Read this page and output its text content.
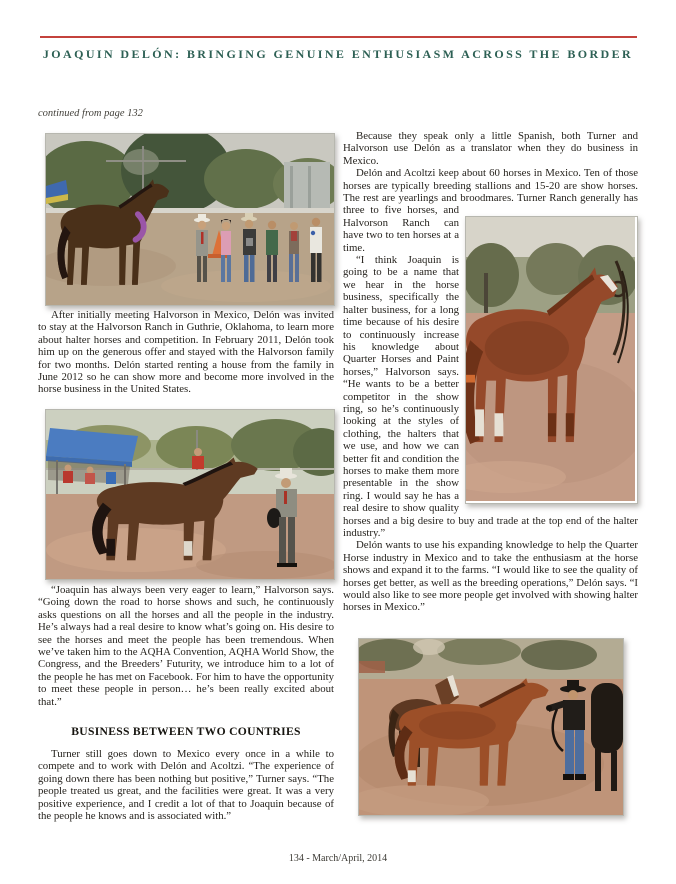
JOAQUIN DELÓN: BRINGING GENUINE ENTHUSIASM ACROSS THE BORDER
continued from page 132

After initially meeting Halvorson in Mexico, Delón was invited to stay at the Halvorson Ranch in Guthrie, Oklahoma, to learn more about halter horses and competition. In February 2011, Delón took him up on the generous offer and stayed with the Halvorson family for two months. Delón started renting a house from the family in June 2012 so he can show more and become more involved in the horse business in the United States.

“Joaquin has always been very eager to learn,” Halvorson says. “Going down the road to horse shows and such, he continuously asks questions on all the horses and all the people in the industry. He’s always had a real desire to know what’s going on. His desire to see the horses and meet the people has been tremendous. When we’ve taken him to the AQHA Convention, AQHA World Show, the Congress, and the Breeders’ Futurity, we introduce him to a lot of the people he has met on Facebook. For him to have the opportunity to meet these people in person… he’s been really excited about that.”

BUSINESS BETWEEN TWO COUNTRIES

Turner still goes down to Mexico every once in a while to compete and to work with Delón and Acoltzi. “The experience of going down there has been nothing but positive,” Turner says. “The people treated us great, and the facilities were great. It was a very positive experience, and I credit a lot of that to Joaquin because of the people he knows and is associated with.”

Because they speak only a little Spanish, both Turner and Halvorson use Delón as a translator when they do business in Mexico.

Delón and Acoltzi keep about 60 horses in Mexico. Ten of those horses are typically breeding stallions and 15-20 are show horses. The rest are yearlings and broodmares. Turner Ranch generally has
three to five horses, and Halvorson Ranch can have two to ten horses at a time.

“I think Joaquin is going to be a name that we hear in the horse business, specifically the halter business, for a long time because of his desire to continuously increase his knowledge about Quarter Horses and Paint horses,” Halvorson says. “He wants to be a better competitor in the show ring, so he’s continuously looking at the styles of clothing, the halters that we use, and how we can better fit and condition the horses to make them more presentable in the show ring. I would say he has a real desire to show quality horses and a big desire to buy and trade at the top end of the halter industry.”

Delón wants to use his expanding knowledge to help the Quarter Horse industry in Mexico and to take the enthusiasm at the horse shows and expand it to the farms. “I would like to see the quality of horses get better, as well as the breeding operations,” Delón says. “I would also like to see more people get involved with showing halter horses in Mexico.”

134 - March/April, 2014
